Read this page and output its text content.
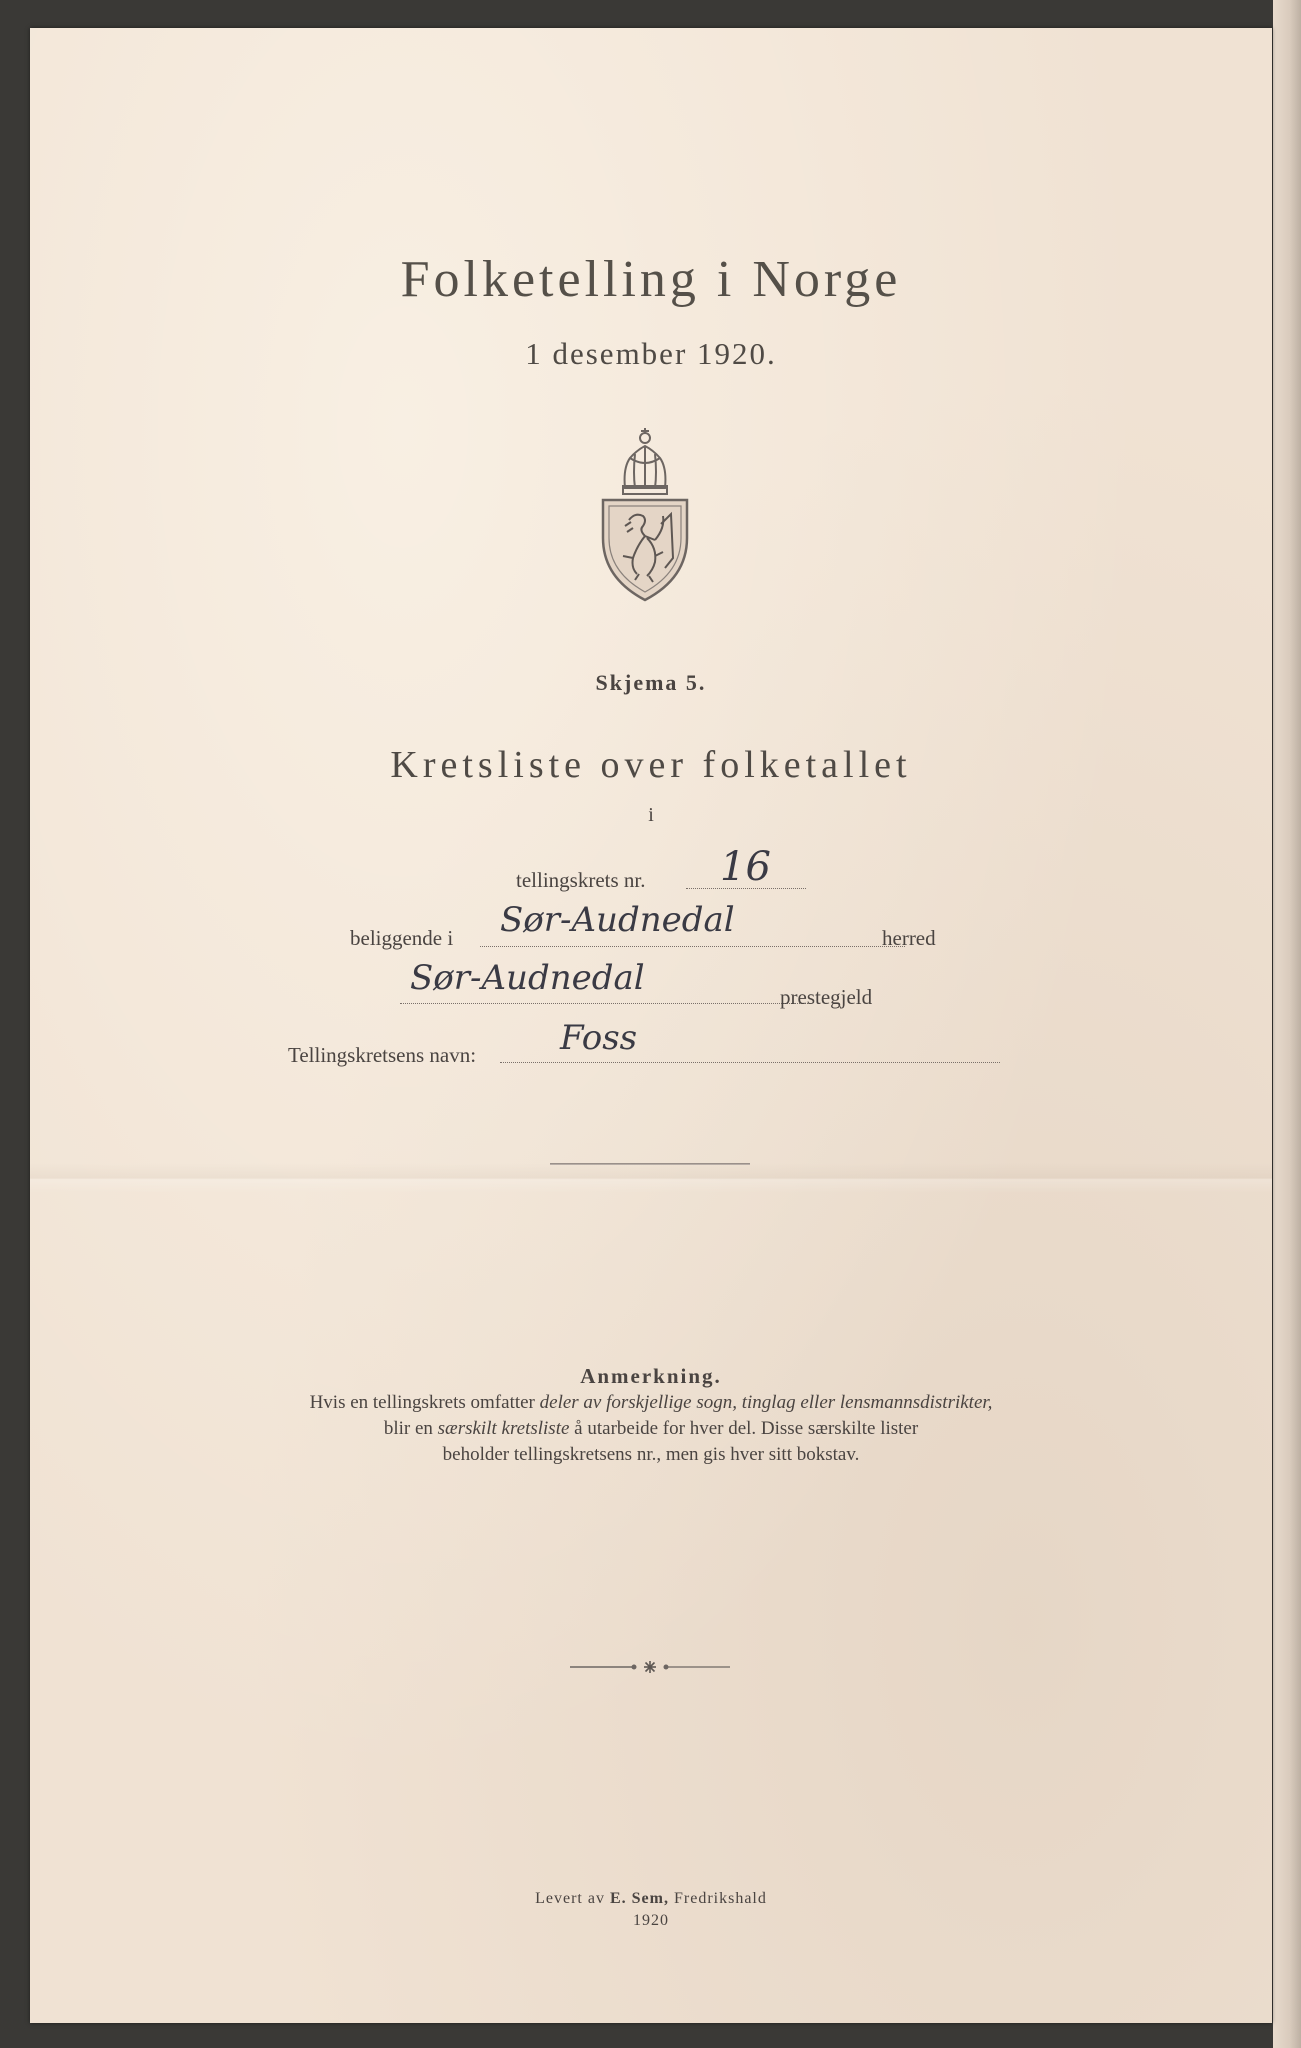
Folketelling i Norge
1 desember 1920.
Skjema 5.
Kretsliste over folketallet
i
tellingskrets nr. 16
beliggende i Sør-Audnedal	herred
Sør-Audnedal	prestegjeld
Tellingskretsens navn: Foss
Anmerkning.
Hvis en tellingskrets omfatter deler av forskjellige sogn, tinglag eller lensmannsdistrikter,
blir en særskilt kretsliste å utarbeide for hver del. Disse særskilte lister
beholder tellingskretsens nr., men gis hver sitt bokstav.
Levert av E. Sem, Fredrikshald
1920
